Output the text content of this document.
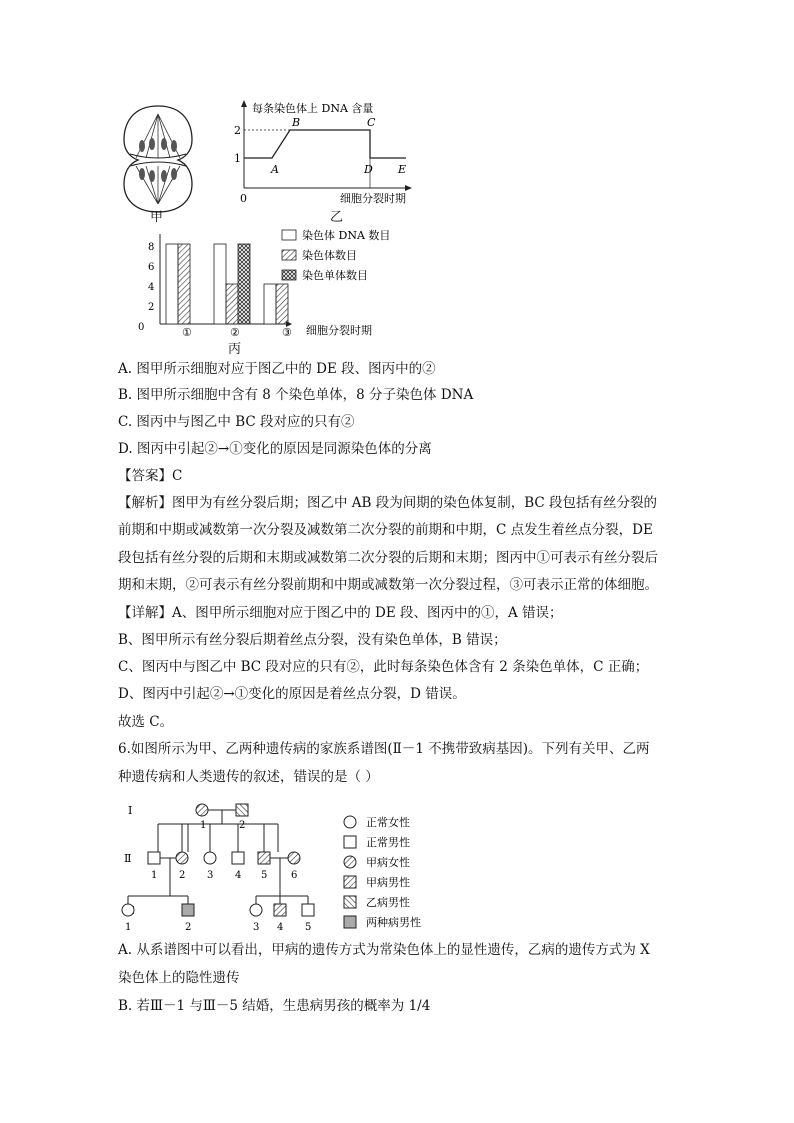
甲
2
1
0
A
B	C
D E
每条染色体上 DNA 含量
细胞分裂时期
乙
8
6
4
2
0	①	②	③ 细胞分裂时期
染色体 DNA 数目
染色体数目
染色单体数目
丙
A. 图甲所示细胞对应于图乙中的 DE 段、图丙中的②
B. 图甲所示细胞中含有 8 个染色单体，8 分子染色体 DNA
C. 图丙中与图乙中 BC 段对应的只有②
D. 图丙中引起②→①变化的原因是同源染色体的分离
【答案】C
【解析】图甲为有丝分裂后期；图乙中 AB 段为间期的染色体复制，BC 段包括有丝分裂的
前期和中期或减数第一次分裂及减数第二次分裂的前期和中期，C 点发生着丝点分裂，DE
段包括有丝分裂的后期和末期或减数第二次分裂的后期和末期；图丙中①可表示有丝分裂后
期和末期，②可表示有丝分裂前期和中期或减数第一次分裂过程，③可表示正常的体细胞。
【详解】A、图甲所示细胞对应于图乙中的 DE 段、图丙中的①，A 错误；
B、图甲所示有丝分裂后期着丝点分裂，没有染色单体，B 错误；
C、图丙中与图乙中 BC 段对应的只有②，此时每条染色体含有 2 条染色单体，C 正确；
D、图丙中引起②→①变化的原因是着丝点分裂，D 错误。
故选 C。
6.如图所示为甲、乙两种遗传病的家族系谱图(Ⅱ－1 不携带致病基因)。下列有关甲、乙两
种遗传病和人类遗传的叙述，错误的是（ ）
Ⅰ
Ⅱ
1	2
1 2 3 4 5 6
1	2	3 4 5
正常女性
正常男性
甲病女性
甲病男性
乙病男性
两种病男性
A. 从系谱图中可以看出，甲病的遗传方式为常染色体上的显性遗传，乙病的遗传方式为 X
染色体上的隐性遗传
B. 若Ⅲ－1 与Ⅲ－5 结婚，生患病男孩的概率为 1/4
